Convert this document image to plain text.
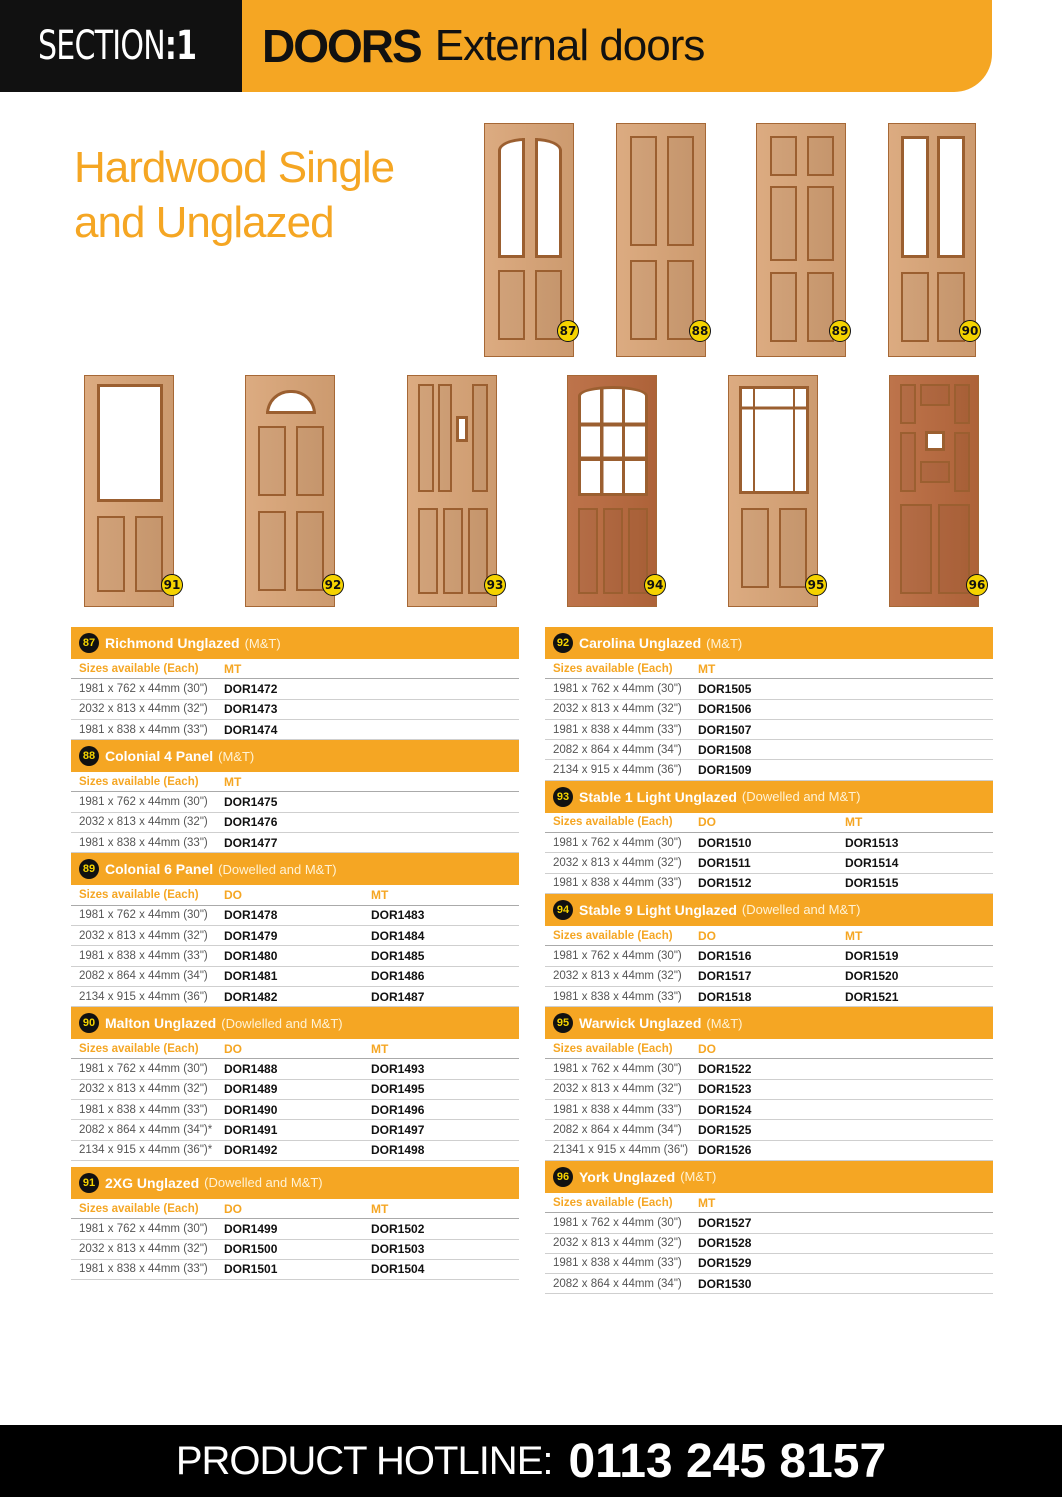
SECTION:1 DOORS External doors
Hardwood Single and Unglazed
87	88	89	90
91	92	93	94	95	96
87 Richmond Unglazed (M&T)
Sizes available (Each)	MT
1981 x 762 x 44mm (30")	DOR1472
2032 x 813 x 44mm (32")	DOR1473
1981 x 838 x 44mm (33")	DOR1474
88 Colonial 4 Panel (M&T)
Sizes available (Each)	MT
1981 x 762 x 44mm (30")	DOR1475
2032 x 813 x 44mm (32")	DOR1476
1981 x 838 x 44mm (33")	DOR1477
89 Colonial 6 Panel (Dowelled and M&T)
Sizes available (Each)	DO	MT
1981 x 762 x 44mm (30")	DOR1478	DOR1483
2032 x 813 x 44mm (32")	DOR1479	DOR1484
1981 x 838 x 44mm (33")	DOR1480	DOR1485
2082 x 864 x 44mm (34")	DOR1481	DOR1486
2134 x 915 x 44mm (36")	DOR1482	DOR1487
90 Malton Unglazed (Dowlelled and M&T)
Sizes available (Each)	DO	MT
1981 x 762 x 44mm (30")	DOR1488	DOR1493
2032 x 813 x 44mm (32")	DOR1489	DOR1495
1981 x 838 x 44mm (33")	DOR1490	DOR1496
2082 x 864 x 44mm (34")* DOR1491	DOR1497
2134 x 915 x 44mm (36")* DOR1492	DOR1498
91 2XG Unglazed (Dowelled and M&T)
Sizes available (Each)	DO	MT
1981 x 762 x 44mm (30")	DOR1499	DOR1502
2032 x 813 x 44mm (32")	DOR1500	DOR1503
1981 x 838 x 44mm (33")	DOR1501	DOR1504
92 Carolina Unglazed (M&T)
Sizes available (Each)	MT
1981 x 762 x 44mm (30")	DOR1505
2032 x 813 x 44mm (32")	DOR1506
1981 x 838 x 44mm (33")	DOR1507
2082 x 864 x 44mm (34")	DOR1508
2134 x 915 x 44mm (36")	DOR1509
93 Stable 1 Light Unglazed (Dowelled and M&T)
Sizes available (Each)	DO	MT
1981 x 762 x 44mm (30")	DOR1510	DOR1513
2032 x 813 x 44mm (32")	DOR1511	DOR1514
1981 x 838 x 44mm (33")	DOR1512	DOR1515
94 Stable 9 Light Unglazed (Dowelled and M&T)
Sizes available (Each)	DO	MT
1981 x 762 x 44mm (30")	DOR1516	DOR1519
2032 x 813 x 44mm (32")	DOR1517	DOR1520
1981 x 838 x 44mm (33")	DOR1518	DOR1521
95 Warwick Unglazed (M&T)
Sizes available (Each)	DO
1981 x 762 x 44mm (30")	DOR1522
2032 x 813 x 44mm (32")	DOR1523
1981 x 838 x 44mm (33")	DOR1524
2082 x 864 x 44mm (34")	DOR1525
21341 x 915 x 44mm (36") DOR1526
96 York Unglazed (M&T)
Sizes available (Each)	MT
1981 x 762 x 44mm (30")	DOR1527
2032 x 813 x 44mm (32")	DOR1528
1981 x 838 x 44mm (33")	DOR1529
2082 x 864 x 44mm (34")	DOR1530
PRODUCT HOTLINE: 0113 245 8157
